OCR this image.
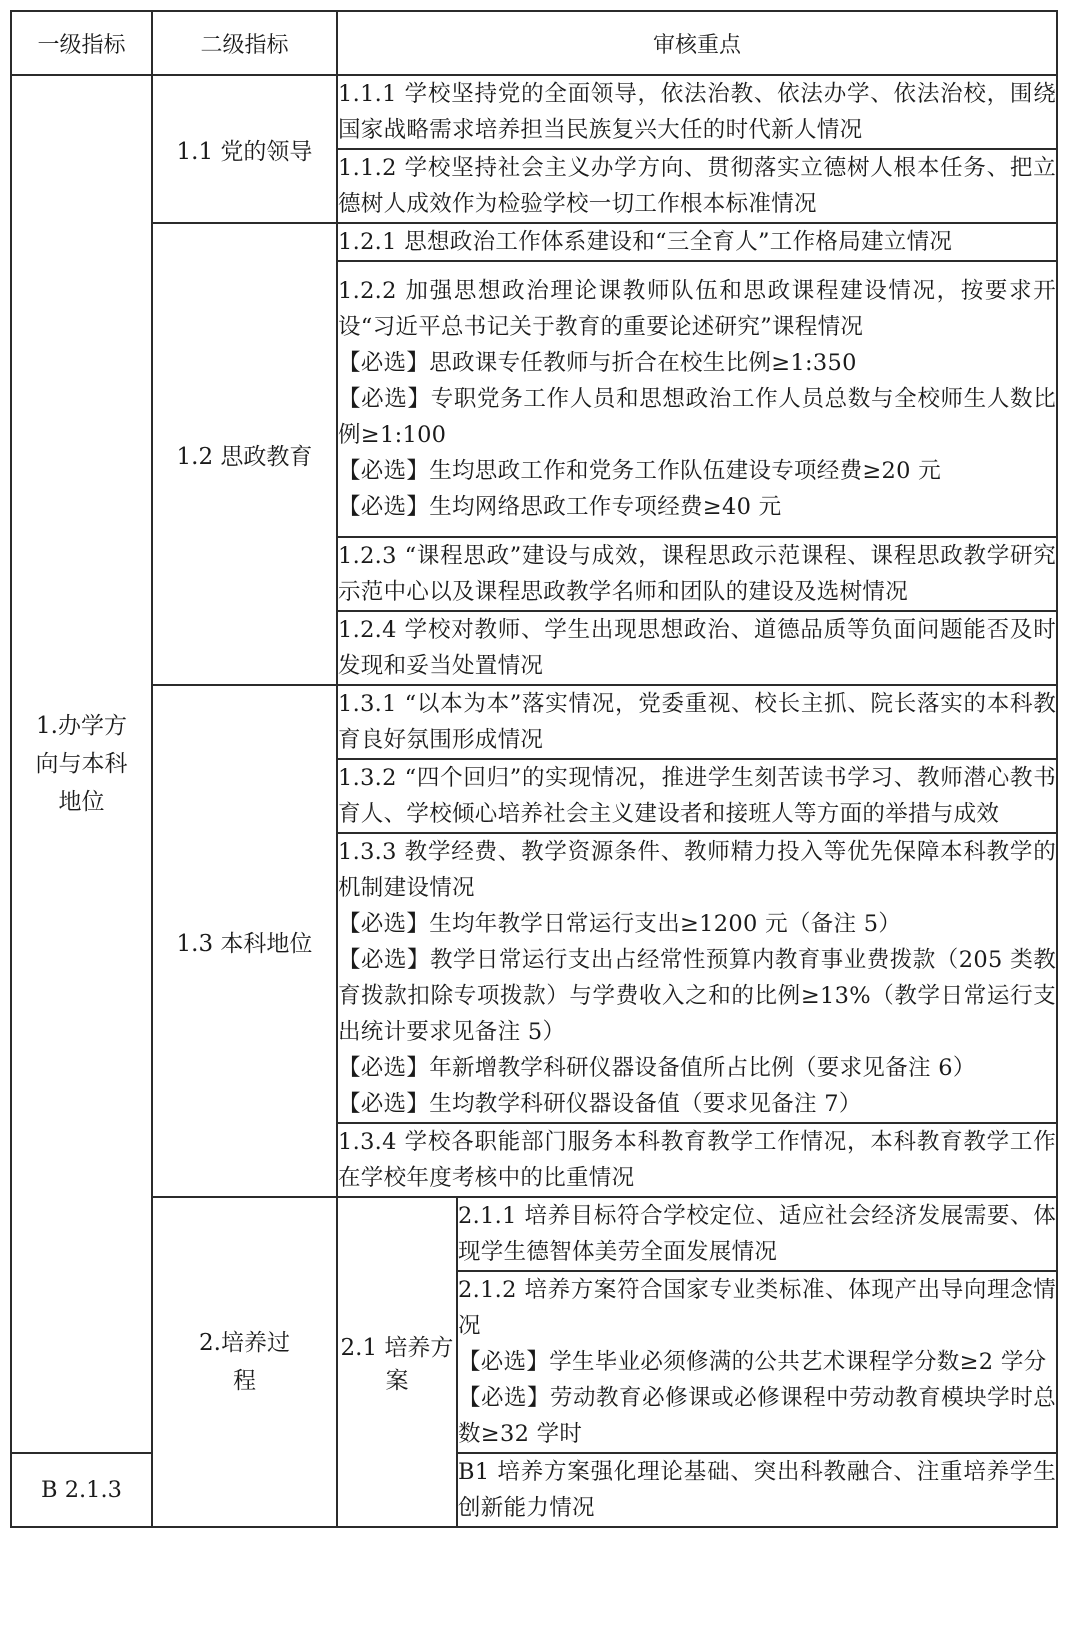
一级指标	二级指标	审核重点	
1.办学方向与本科地位	1.1 党的领导	1.1.1 学校坚持党的全面领导，依法治教、依法办学、依法治校，围绕国家战略需求培养担当民族复兴大任的时代新人情况	

		1.1.2 学校坚持社会主义办学方向、贯彻落实立德树人根本任务、把立德树人成效作为检验学校一切工作根本标准情况	

	1.2 思政教育	1.2.1 思想政治工作体系建设和“三全育人”工作格局建立情况	

		1.2.2 加强思想政治理论课教师队伍和思政课程建设情况，按要求开设“习近平总书记关于教育的重要论述研究”课程情况
【必选】思政课专任教师与折合在校生比例≥1:350
【必选】专职党务工作人员和思想政治工作人员总数与全校师生人数比例≥1:100
【必选】生均思政工作和党务工作队伍建设专项经费≥20 元
【必选】生均网络思政工作专项经费≥40 元	

		1.2.3 “课程思政”建设与成效，课程思政示范课程、课程思政教学研究示范中心以及课程思政教学名师和团队的建设及选树情况	

		1.2.4 学校对教师、学生出现思想政治、道德品质等负面问题能否及时发现和妥当处置情况	

	1.3 本科地位	1.3.1 “以本为本”落实情况，党委重视、校长主抓、院长落实的本科教育良好氛围形成情况	

		1.3.2 “四个回归”的实现情况，推进学生刻苦读书学习、教师潜心教书育人、学校倾心培养社会主义建设者和接班人等方面的举措与成效	

		1.3.3 教学经费、教学资源条件、教师精力投入等优先保障本科教学的机制建设情况
【必选】生均年教学日常运行支出≥1200 元（备注 5）
【必选】教学日常运行支出占经常性预算内教育事业费拨款（205 类教育拨款扣除专项拨款）与学费收入之和的比例≥13%（教学日常运行支出统计要求见备注 5）
【必选】年新增教学科研仪器设备值所占比例（要求见备注 6）
【必选】生均教学科研仪器设备值（要求见备注 7）	

		1.3.4 学校各职能部门服务本科教育教学工作情况，本科教育教学工作在学校年度考核中的比重情况	

	2.培养过程	2.1 培养方案	2.1.1 培养目标符合学校定位、适应社会经济发展需要、体现学生德智体美劳全面发展情况

			2.1.2 培养方案符合国家专业类标准、体现产出导向理念情况
【必选】学生毕业必须修满的公共艺术课程学分数≥2 学分
【必选】劳动教育必修课或必修课程中劳动教育模块学时总数≥32 学时

B 2.1.3			B1 培养方案强化理论基础、突出科教融合、注重培养学生创新能力情况
